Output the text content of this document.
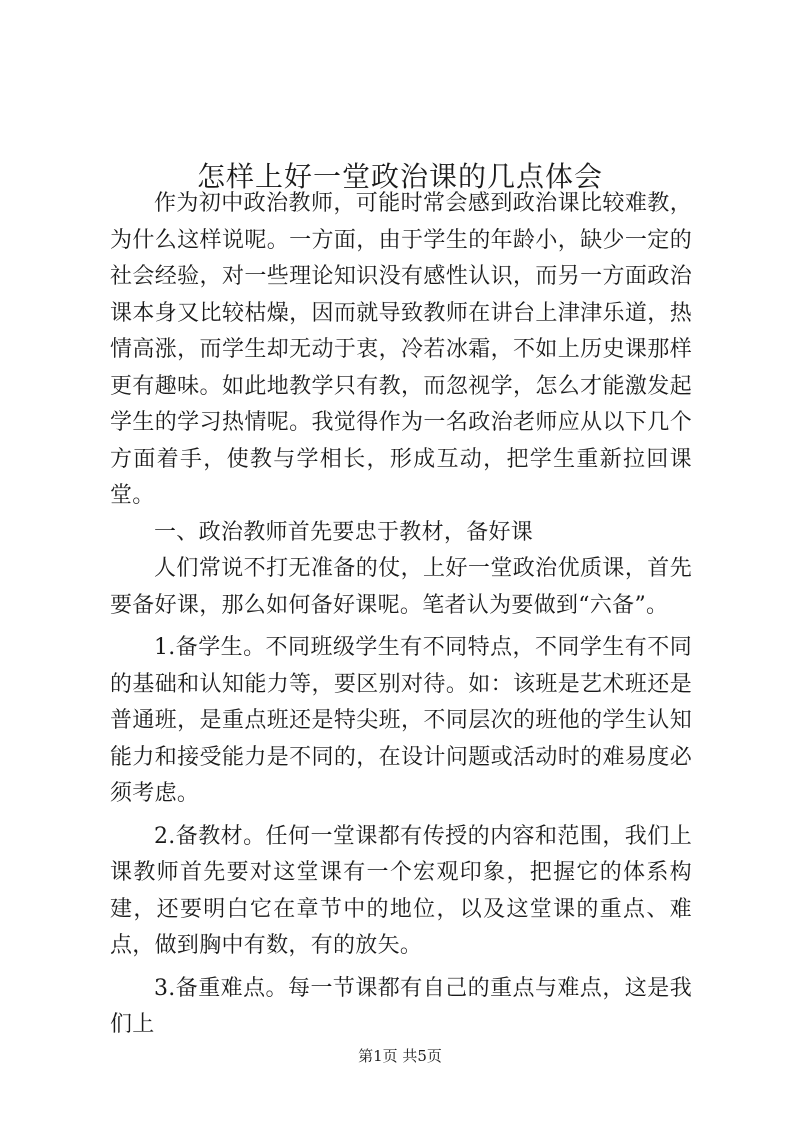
怎样上好一堂政治课的几点体会

作为初中政治教师，可能时常会感到政治课比较难教，为什么这样说呢。一方面，由于学生的年龄小，缺少一定的社会经验，对一些理论知识没有感性认识，而另一方面政治课本身又比较枯燥，因而就导致教师在讲台上津津乐道，热情高涨，而学生却无动于衷，冷若冰霜，不如上历史课那样更有趣味。如此地教学只有教，而忽视学，怎么才能激发起学生的学习热情呢。我觉得作为一名政治老师应从以下几个方面着手，使教与学相长，形成互动，把学生重新拉回课堂。

一、政治教师首先要忠于教材，备好课

人们常说不打无准备的仗，上好一堂政治优质课，首先要备好课，那么如何备好课呢。笔者认为要做到“六备”。

1.备学生。不同班级学生有不同特点，不同学生有不同的基础和认知能力等，要区别对待。如：该班是艺术班还是普通班，是重点班还是特尖班，不同层次的班他的学生认知能力和接受能力是不同的，在设计问题或活动时的难易度必须考虑。

2.备教材。任何一堂课都有传授的内容和范围，我们上课教师首先要对这堂课有一个宏观印象，把握它的体系构建，还要明白它在章节中的地位，以及这堂课的重点、难点，做到胸中有数，有的放矢。

3.备重难点。每一节课都有自己的重点与难点，这是我们上

第1页 共5页
